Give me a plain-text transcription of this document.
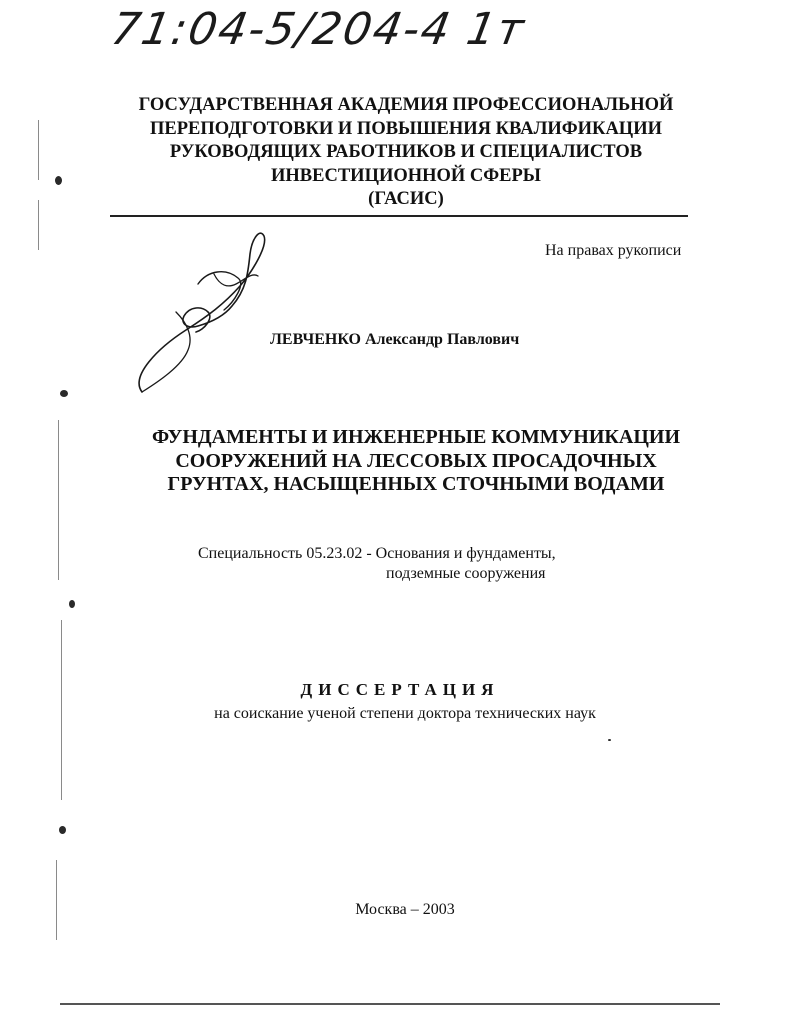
71:04-5/204-4 1т
ГОСУДАРСТВЕННАЯ АКАДЕМИЯ ПРОФЕССИОНАЛЬНОЙ
ПЕРЕПОДГОТОВКИ И ПОВЫШЕНИЯ КВАЛИФИКАЦИИ
РУКОВОДЯЩИХ РАБОТНИКОВ И СПЕЦИАЛИСТОВ
ИНВЕСТИЦИОННОЙ СФЕРЫ
(ГАСИС)
На правах рукописи
ЛЕВЧЕНКО Александр Павлович
ФУНДАМЕНТЫ И ИНЖЕНЕРНЫЕ КОММУНИКАЦИИ
СООРУЖЕНИЙ НА ЛЕССОВЫХ ПРОСАДОЧНЫХ
ГРУНТАХ, НАСЫЩЕННЫХ СТОЧНЫМИ ВОДАМИ
Специальность 05.23.02 - Основания и фундаменты,
подземные сооружения
ДИССЕРТАЦИЯ
на соискание ученой степени доктора технических наук
Москва – 2003
